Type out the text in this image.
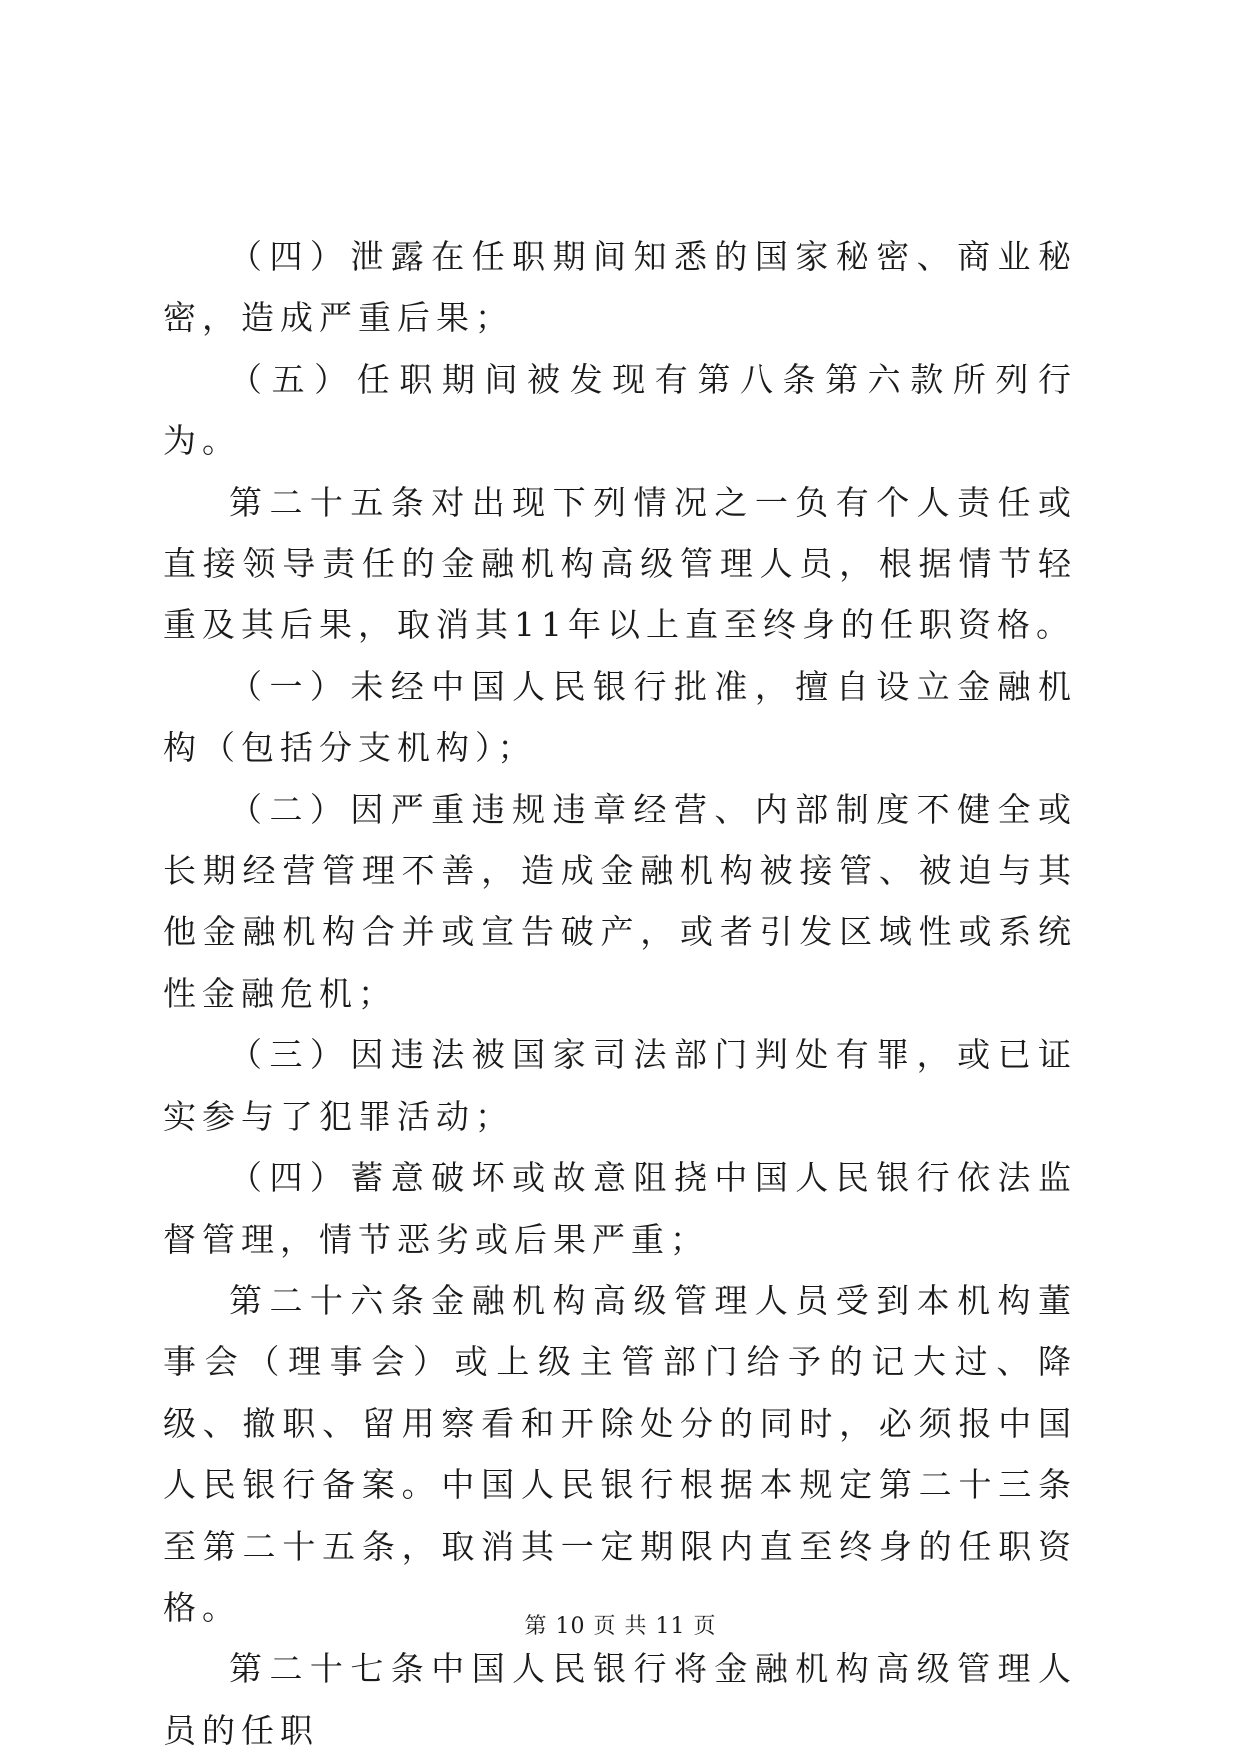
（四）泄露在任职期间知悉的国家秘密、商业秘密，造成严重后果；

（五）任职期间被发现有第八条第六款所列行为。

第二十五条对出现下列情况之一负有个人责任或直接领导责任的金融机构高级管理人员，根据情节轻重及其后果，取消其11年以上直至终身的任职资格。

（一）未经中国人民银行批准，擅自设立金融机构（包括分支机构）；

（二）因严重违规违章经营、内部制度不健全或长期经营管理不善，造成金融机构被接管、被迫与其他金融机构合并或宣告破产，或者引发区域性或系统性金融危机；

（三）因违法被国家司法部门判处有罪，或已证实参与了犯罪活动；

（四）蓄意破坏或故意阻挠中国人民银行依法监督管理，情节恶劣或后果严重；

第二十六条金融机构高级管理人员受到本机构董事会（理事会）或上级主管部门给予的记大过、降级、撤职、留用察看和开除处分的同时，必须报中国人民银行备案。中国人民银行根据本规定第二十三条至第二十五条，取消其一定期限内直至终身的任职资格。

第二十七条中国人民银行将金融机构高级管理人员的任职

第 10 页 共 11 页
